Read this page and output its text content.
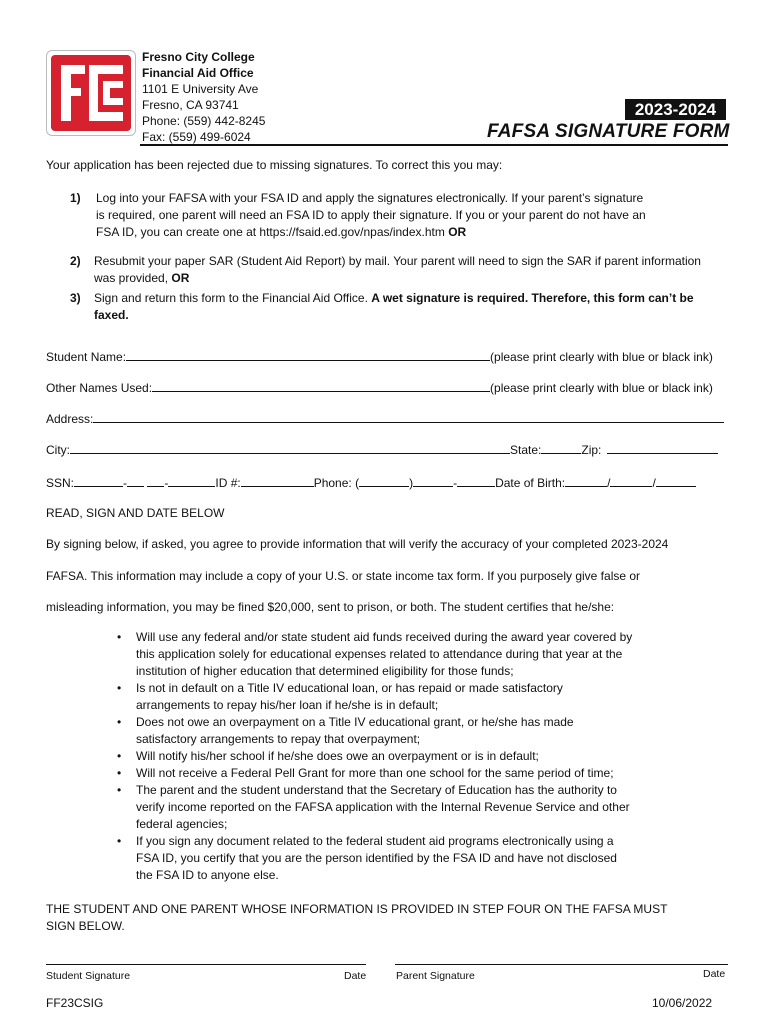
Fresno City College
Financial Aid Office
1101 E University Ave
Fresno, CA 93741
Phone: (559) 442-8245
Fax: (559) 499-6024
2023-2024
FAFSA SIGNATURE FORM
Your application has been rejected due to missing signatures. To correct this you may:
1) Log into your FAFSA with your FSA ID and apply the signatures electronically. If your parent’s signature
is required, one parent will need an FSA ID to apply their signature. If you or your parent do not have an
FSA ID, you can create one at https://fsaid.ed.gov/npas/index.htm OR
2) Resubmit your paper SAR (Student Aid Report) by mail. Your parent will need to sign the SAR if parent information
was provided, OR
3) Sign and return this form to the Financial Aid Office. A wet signature is required. Therefore, this form can’t be
faxed.
Student Name:	(please print clearly with blue or black ink)
Other Names Used:	(please print clearly with blue or black ink)
Address:
City:	State:	Zip:
SSN:	-	-	ID #:	Phone: (	)	-	Date of Birth:	/	/
READ, SIGN AND DATE BELOW
By signing below, if asked, you agree to provide information that will verify the accuracy of your completed 2023-2024
FAFSA. This information may include a copy of your U.S. or state income tax form. If you purposely give false or
misleading information, you may be fined $20,000, sent to prison, or both. The student certifies that he/she:
• Will use any federal and/or state student aid funds received during the award year covered by
this application solely for educational expenses related to attendance during that year at the
institution of higher education that determined eligibility for those funds;
• Is not in default on a Title IV educational loan, or has repaid or made satisfactory
arrangements to repay his/her loan if he/she is in default;
• Does not owe an overpayment on a Title IV educational grant, or he/she has made
satisfactory arrangements to repay that overpayment;
• Will notify his/her school if he/she does owe an overpayment or is in default;
• Will not receive a Federal Pell Grant for more than one school for the same period of time;
• The parent and the student understand that the Secretary of Education has the authority to
verify income reported on the FAFSA application with the Internal Revenue Service and other
federal agencies;
• If you sign any document related to the federal student aid programs electronically using a
FSA ID, you certify that you are the person identified by the FSA ID and have not disclosed
the FSA ID to anyone else.
THE STUDENT AND ONE PARENT WHOSE INFORMATION IS PROVIDED IN STEP FOUR ON THE FAFSA MUST
SIGN BELOW.
Student Signature	Date	Parent Signature	Date
FF23CSIG	10/06/2022
